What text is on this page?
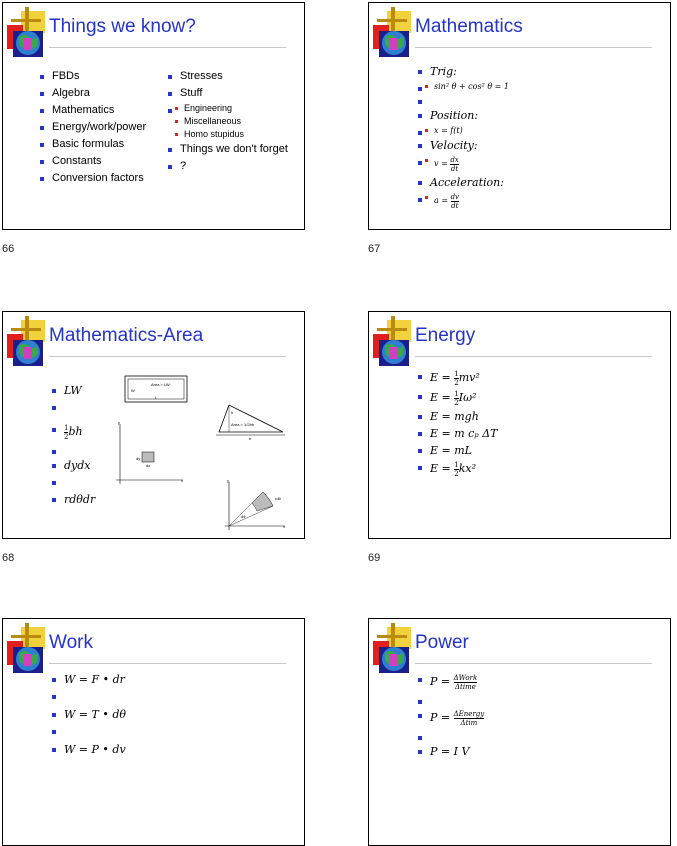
Things we know?
FBDs
Algebra
Mathematics
Energy/work/power
Basic formulas
Constants
Conversion factors
Stresses
Stuff
Engineering
Miscellaneous
Homo stupidus
Things we don't forget
?
66
Mathematics
Trig:
sin² θ + cos² θ = 1
Position:
x = f(t)
Velocity:
$v = \frac{dx}{dt}$
Acceleration:
$a = \frac{dv}{dt}$
67
Mathematics-Area
LW
$\frac{1}{2}$ bh
dydx
rdθdr
Area = LW
W
L
Area = 1/2bh
h
b
dy
dx
y
x	y
x
rdθ
dθ
68
Energy
$E = \frac{1}{2} mv^2$
$E = \frac{1}{2} I\omega^2$
E = mgh
E = m cₚ ΔT
E = mL
$E = \frac{1}{2} kx^2$
69
Work
W = F • dr
W = T • dθ
W = P • dv
Power
$P = \frac{\text{ΔWork}}{\text{Δtime}}$
$P = \frac{\text{ΔEnergy}}{\text{Δtim}}$
P = I V
